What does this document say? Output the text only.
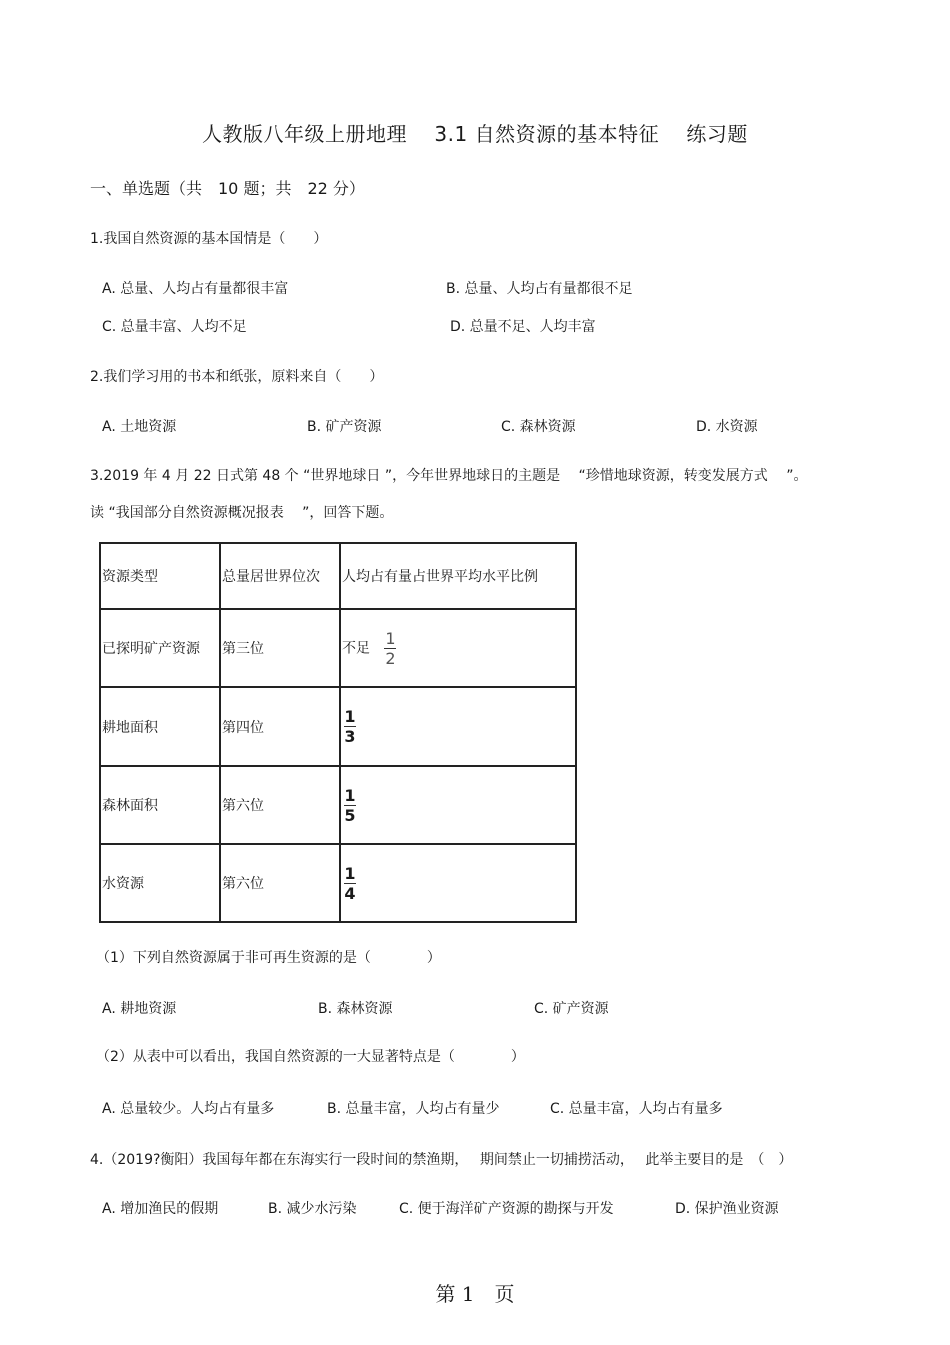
人教版八年级上册地理　 3.1 自然资源的基本特征　 练习题
一、单选题（共　10 题；共　22 分）
1.我国自然资源的基本国情是（　　）
A. 总量、人均占有量都很丰富	B. 总量、人均占有量都很不足
C. 总量丰富、人均不足	D. 总量不足、人均丰富
2.我们学习用的书本和纸张，原料来自（　　）
A. 土地资源	B. 矿产资源	C. 森林资源	D. 水资源
3.2019 年 4 月 22 日式第 48 个 “世界地球日 ”，今年世界地球日的主题是　 “珍惜地球资源，转变发展方式　 ”。
读 “我国部分自然资源概况报表　 ”，回答下题。
资源类型	总量居世界位次	人均占有量占世界平均水平比例
已探明矿产资源	第三位	不足 $\frac{1}{2}$

耕地面积	第四位	$\frac{1}{3}$

森林面积	第六位	$\frac{1}{5}$

水资源	第六位	$\frac{1}{4}$
（1）下列自然资源属于非可再生资源的是（　　　　）
A. 耕地资源	B. 森林资源	C. 矿产资源
（2）从表中可以看出，我国自然资源的一大显著特点是（　　　　）
A. 总量较少。人均占有量多	B. 总量丰富，人均占有量少	C. 总量丰富，人均占有量多
4.（2019?衡阳）我国每年都在东海实行一段时间的禁渔期，　 期间禁止一切捕捞活动，　 此举主要目的是　（　）
A. 增加渔民的假期	B. 减少水污染	C. 便于海洋矿产资源的勘探与开发	D. 保护渔业资源
第 1　页
